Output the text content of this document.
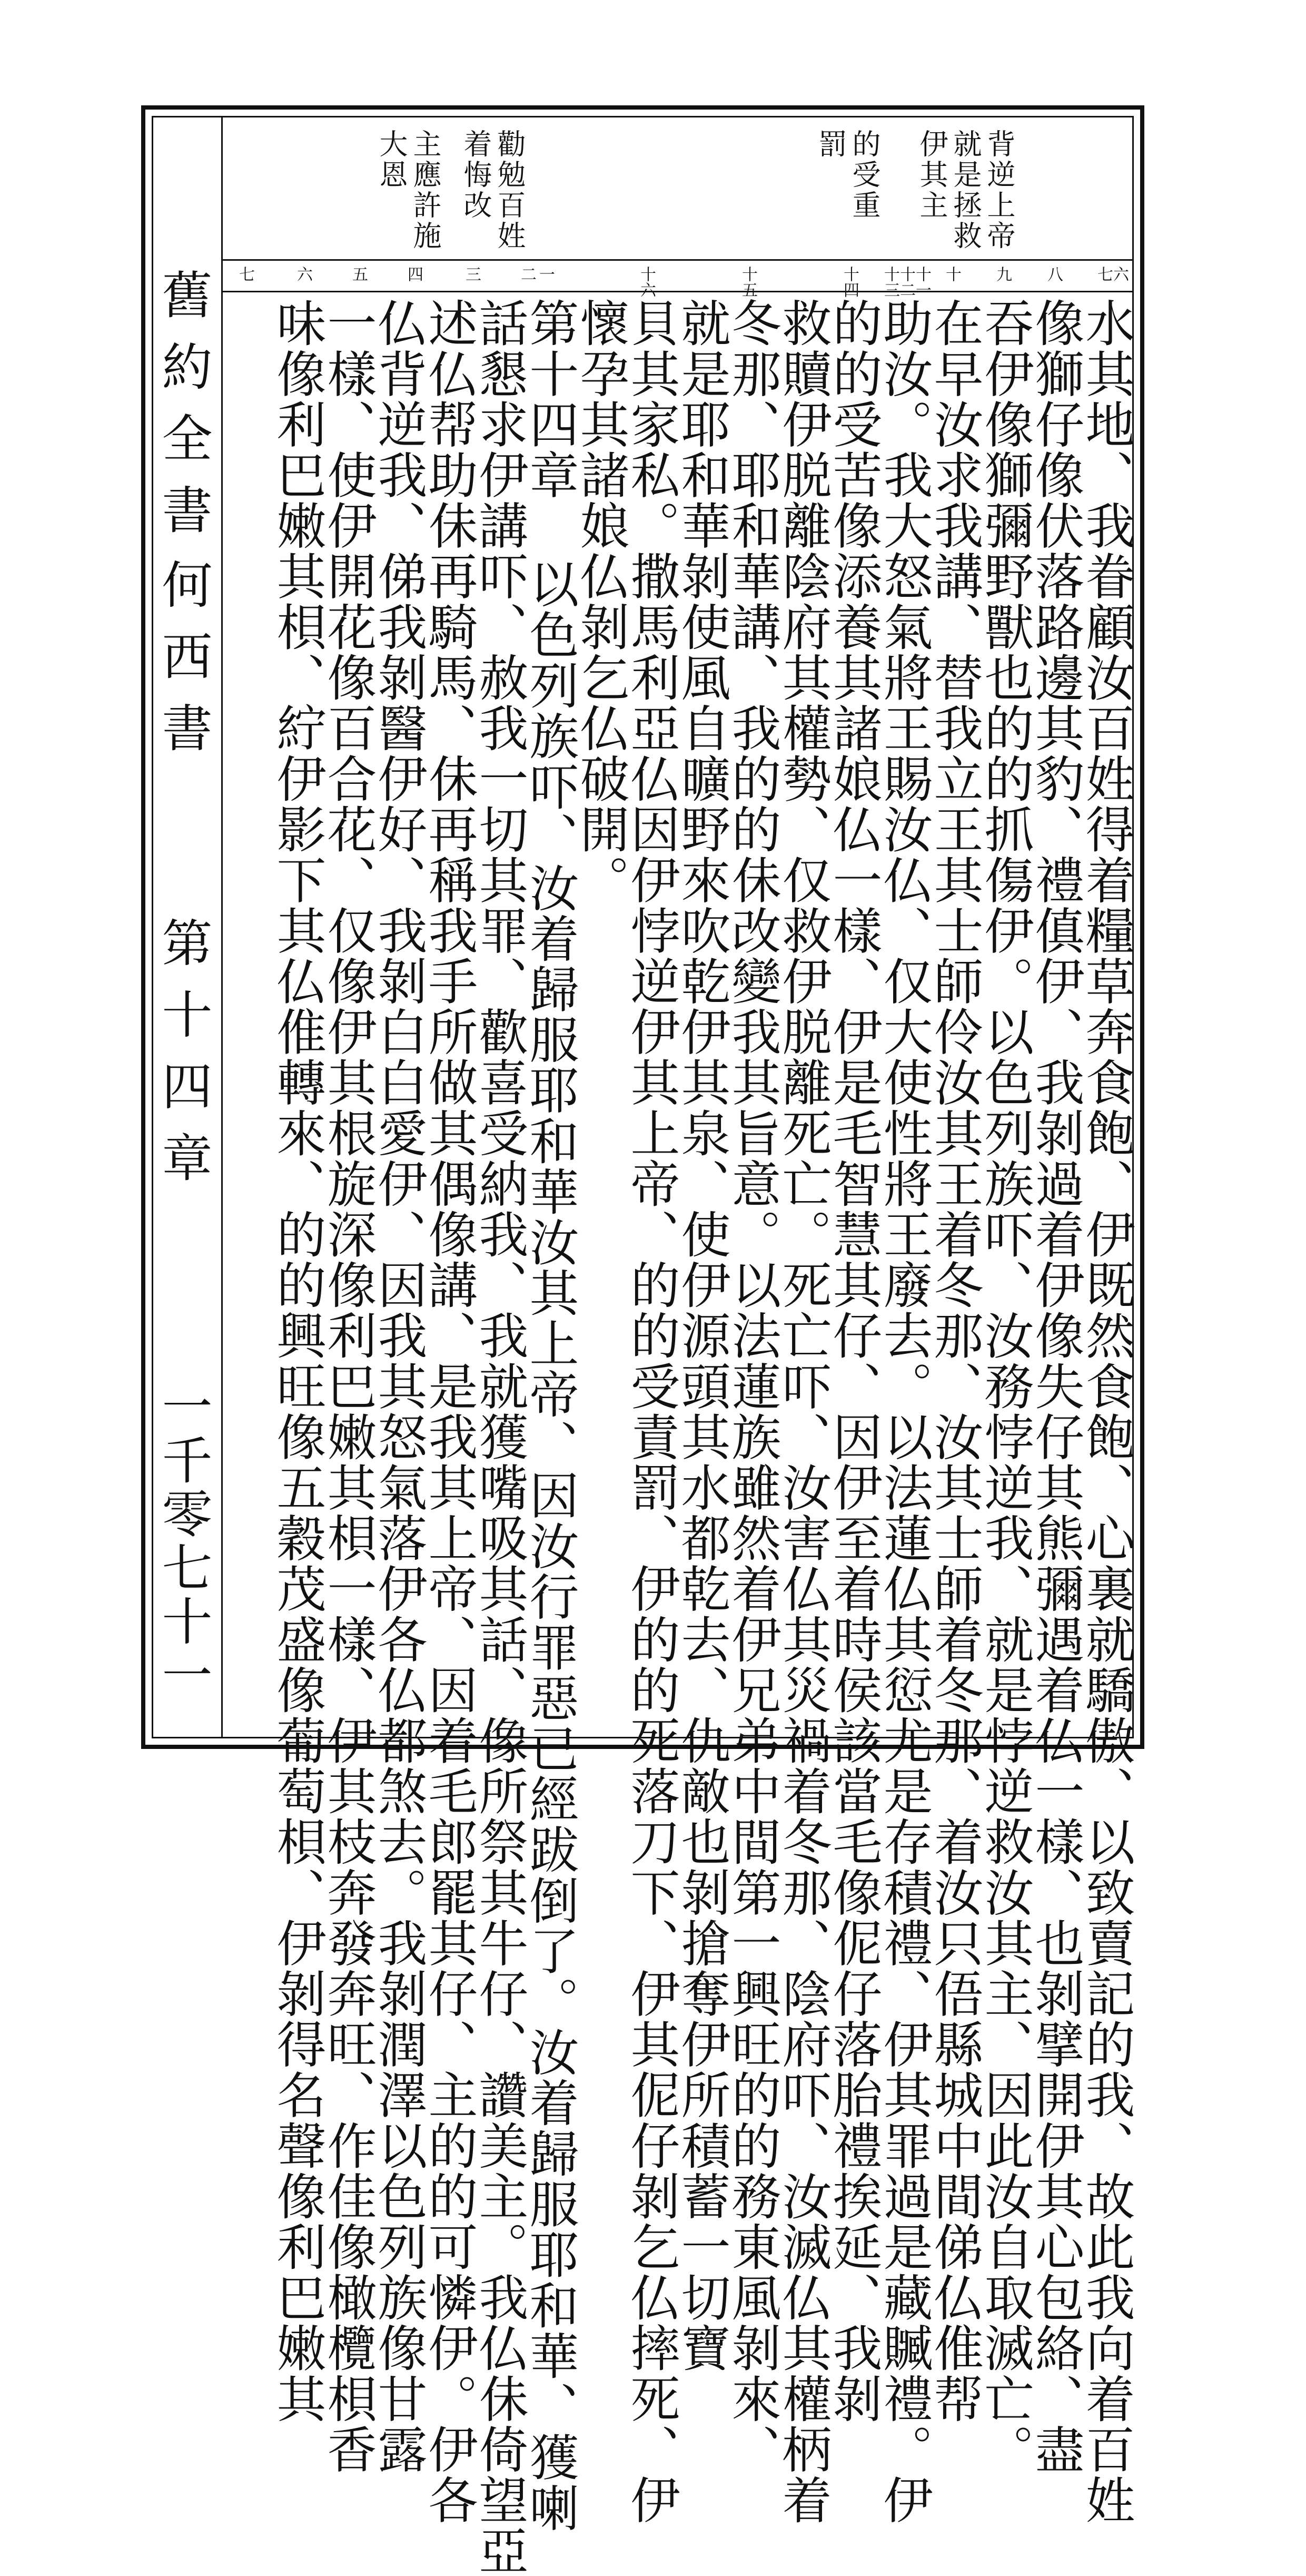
背逆上帝
就是拯救
伊其主
的受重
罰
勸勉百姓
着悔改
主應許施
大恩
六
七
八
九
十
十一
十二
十三
十四
十五
十六
一
二
三
四
五
六
七
水其地、我眷顧汝百姓得着糧草奔食飽、伊既然食飽、心裏就驕傲、以致賣記的我、故此我向着百姓
像獅仔像伏落路邊其豹、禮傎伊、我剝過着伊像失仔其熊彌遇着仏一樣、也剝擘開伊其心包絡、盡
吞伊像獅彌野獸也的的抓傷伊。以色列族吓、汝務悖逆我、就是悖逆救汝其主、因此汝自取滅亡。
在早汝求我講、替我立王其士師伶汝其王着冬那、汝其士師着冬那、着汝只俉縣城中間俤仏倠帮
助汝。我大怒氣將王賜汝仏、仅大使性將王廢去。以法蓮仏其愆尤是存積禮、伊其罪過是藏贓禮。伊
的的受苦像添養其諸娘仏一樣、伊是毛智慧其仔、因伊至着時侯該當毛像伲仔落胎禮挨延、我剝
救贖伊脱離陰府其權勢、仅救伊脱離死亡。死亡吓、汝害仏其災禍着冬那、陰府吓、汝滅仏其權柄着
冬那、耶和華講、我的的佅改變我其旨意。以法蓮族雖然着伊兄弟中間第一興旺的的務東風剝來、
就是耶和華剝使風自曠野來吹乾伊其泉、使伊源頭其水都乾去、仇敵也剝搶奪伊所積蓄一切寶
貝其家私。撒馬利亞仏因伊悖逆伊其上帝、的的受責罰、伊的的死落刀下、伊其伲仔剝乞仏摔死、伊
懷孕其諸娘仏剝乞仏破開。
第十四章 以色列族吓、汝着歸服耶和華汝其上帝、因汝行罪惡已經跋倒了。汝着歸服耶和華、獲喇
話懇求伊講吓、赦我一切其罪、歡喜受納我、我就獲嘴吸其話、像所祭其牛仔、讚美主。我仏佅倚望亞
述仏帮助佅再騎馬、佅再稱我手所做其偶像講、是我其上帝、因着毛郎罷其仔、主的的可憐伊。伊各
仏背逆我、俤我剝醫伊好、我剝白白愛伊、因我其怒氣落伊各仏都煞去。我剝潤澤以色列族像甘露
一樣、使伊開花像百合花、仅像伊其根旋深像利巴嫩其梖一樣、伊其枝奔發奔旺、作佳像橄欖梖香
味像利巴嫩其梖、紵伊影下其仏倠轉來、的的興旺像五穀茂盛像葡萄梖、伊剝得名聲像利巴嫩其
舊約全書
何西書
第十四章
一千零七十一
